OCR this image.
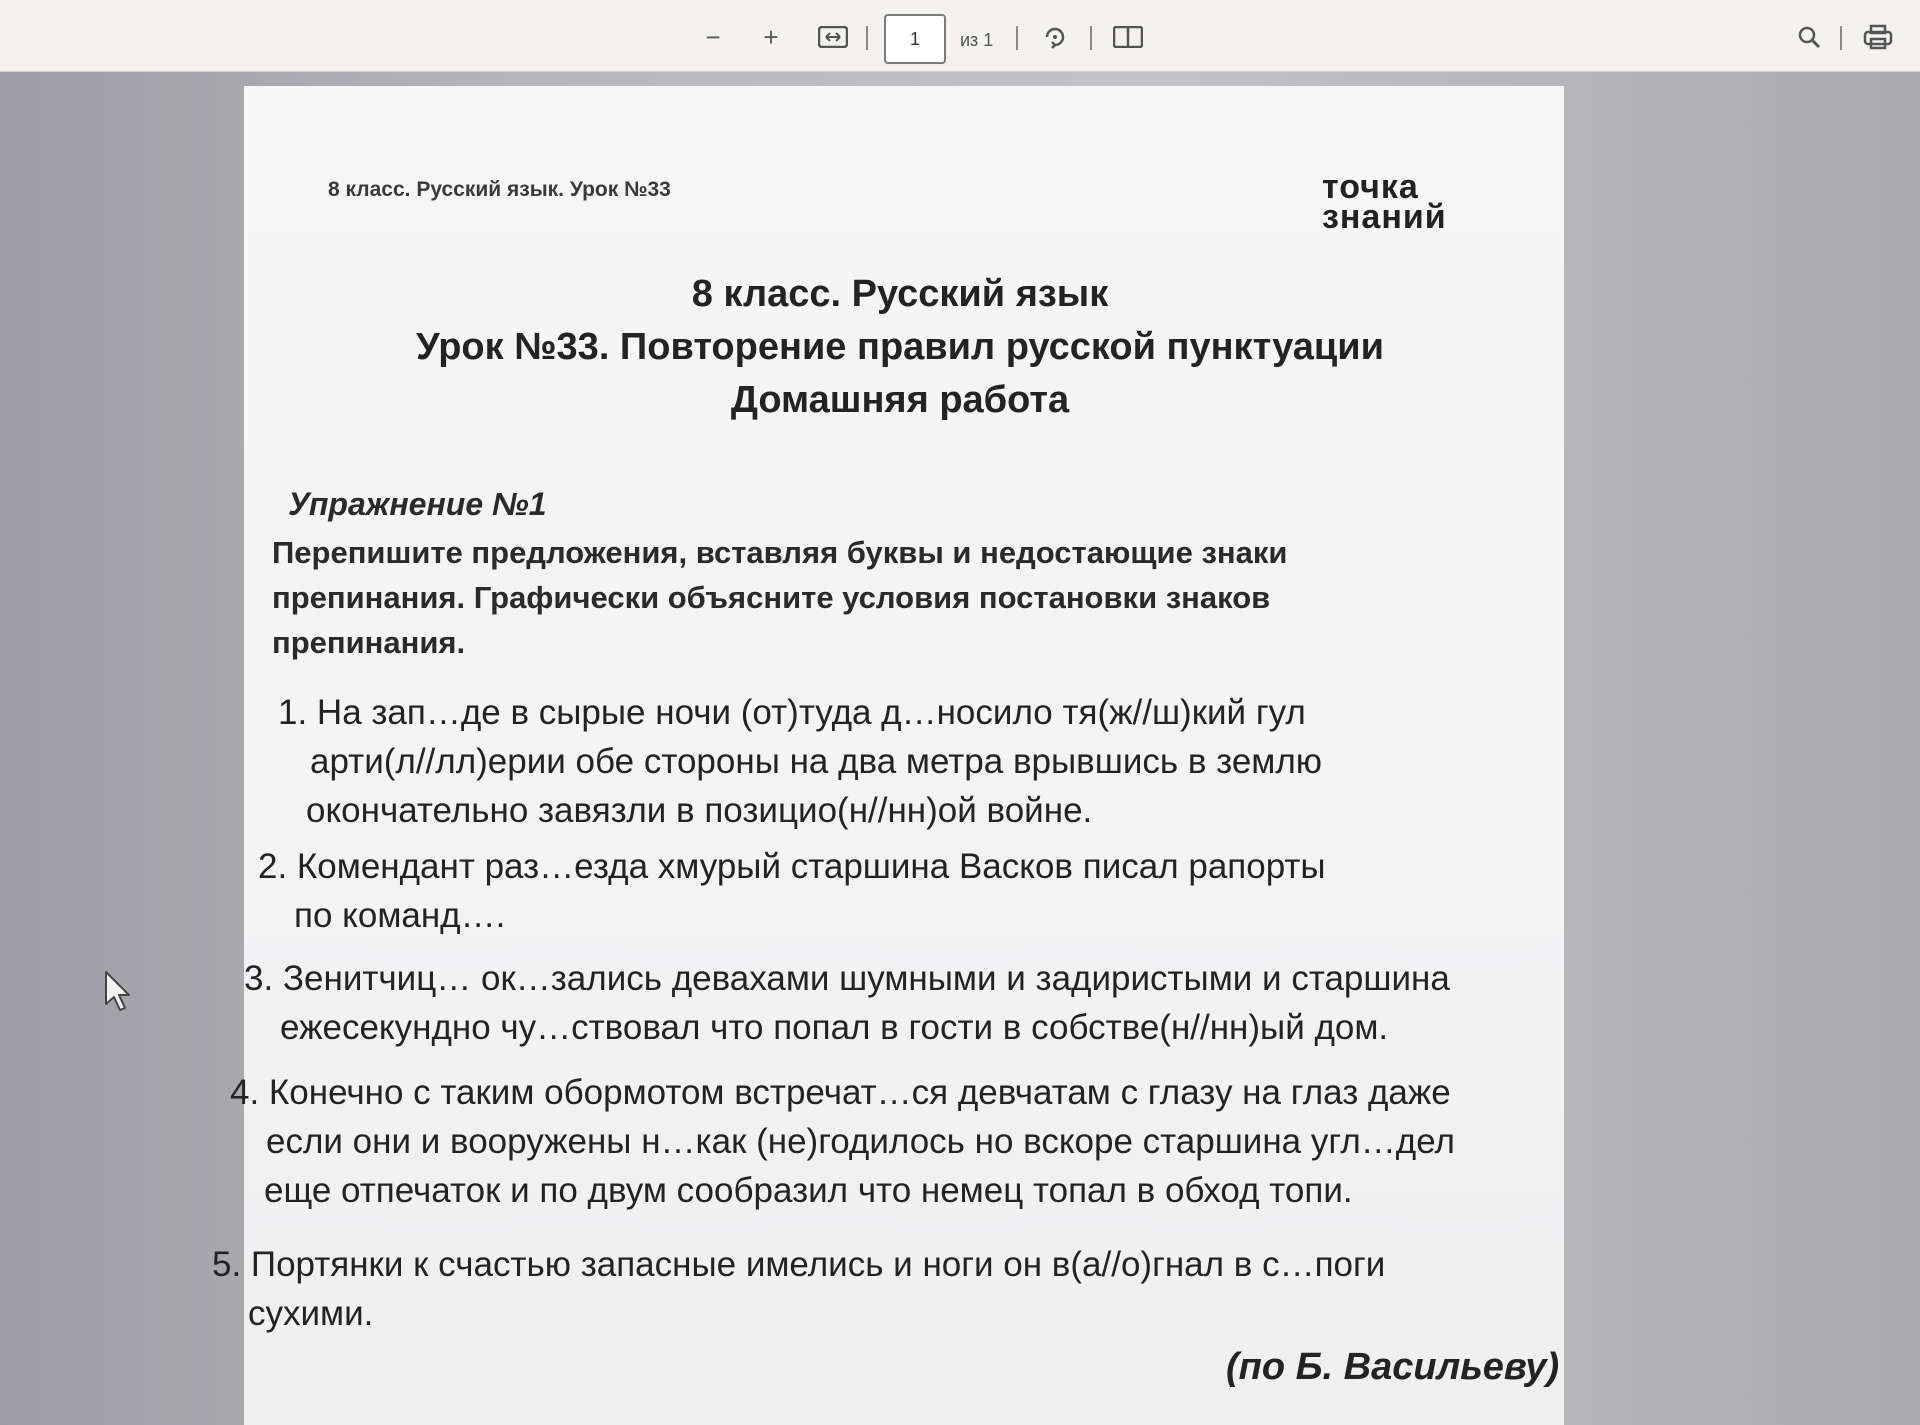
− +	1	из 1
8 класс. Русский язык. Урок №33	точка
знаний
8 класс. Русский язык
Урок №33. Повторение правил русской пунктуации
Домашняя работа
Упражнение №1
Перепишите предложения, вставляя буквы и недостающие знаки препинания. Графически объясните условия постановки знаков препинания.
1. На зап…де в сырые ночи (от)туда д…носило тя(ж//ш)кий гул
арти(л//лл)ерии обе стороны на два метра врывшись в землю
окончательно завязли в позицио(н//нн)ой войне.
2. Комендант раз…езда хмурый старшина Васков писал рапорты
по команд….
3. Зенитчиц… ок…зались девахами шумными и задиристыми и старшина
ежесекундно чу…ствовал что попал в гости в собстве(н//нн)ый дом.
4. Конечно с таким обормотом встречат…ся девчатам с глазу на глаз даже
если они и вооружены н…как (не)годилось но вскоре старшина угл…дел
еще отпечаток и по двум сообразил что немец топал в обход топи.
5. Портянки к счастью запасные имелись и ноги он в(а//о)гнал в с…поги
сухими.
(по Б. Васильеву)
